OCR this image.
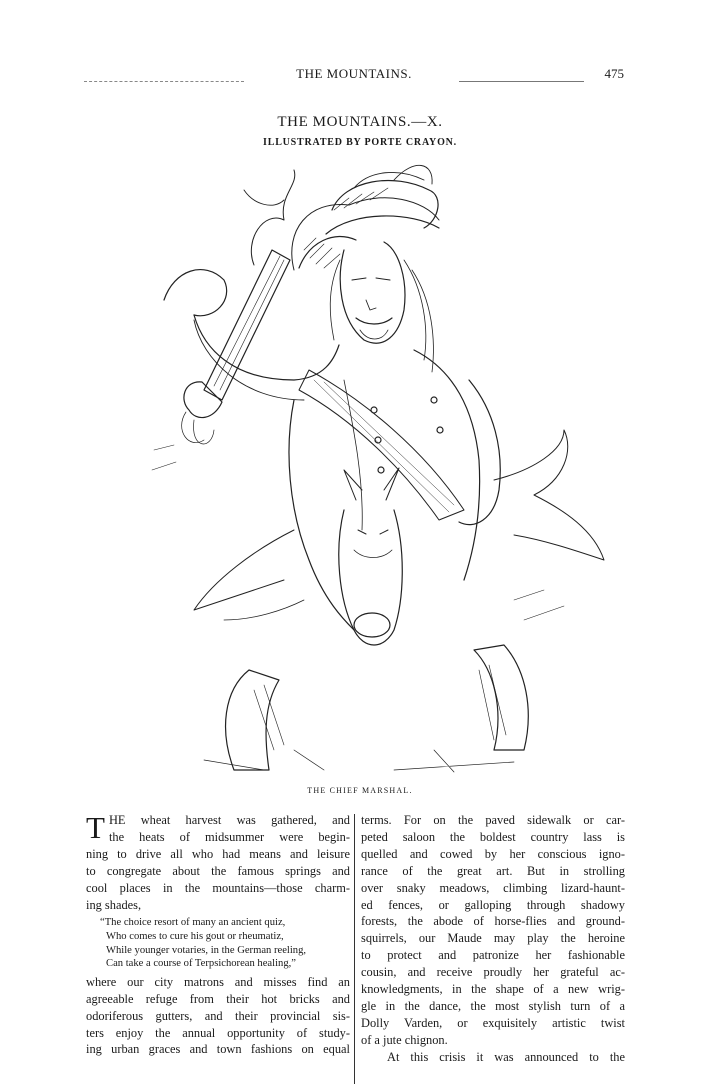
THE MOUNTAINS.	475
THE MOUNTAINS.—X.
ILLUSTRATED BY PORTE CRAYON.
THE CHIEF MARSHAL.
T HE wheat harvest was gathered, and
the heats of midsummer were begin-
ning to drive all who had means and leisure
to congregate about the famous springs and
cool places in the mountains—those charm-
ing shades,
“The choice resort of many an ancient quiz,
Who comes to cure his gout or rheumatiz,
While younger votaries, in the German reeling,
Can take a course of Terpsichorean healing,”
where our city matrons and misses find an
agreeable refuge from their hot bricks and
odoriferous gutters, and their provincial sis-
ters enjoy the annual opportunity of study-
ing urban graces and town fashions on equal
terms. For on the paved sidewalk or car-
peted saloon the boldest country lass is
quelled and cowed by her conscious igno-
rance of the great art. But in strolling
over snaky meadows, climbing lizard-haunt-
ed fences, or galloping through shadowy
forests, the abode of horse-flies and ground-
squirrels, our Maude may play the heroine
to protect and patronize her fashionable
cousin, and receive proudly her grateful ac-
knowledgments, in the shape of a new wrig-
gle in the dance, the most stylish turn of a
Dolly Varden, or exquisitely artistic twist
of a jute chignon.
At this crisis it was announced to the
